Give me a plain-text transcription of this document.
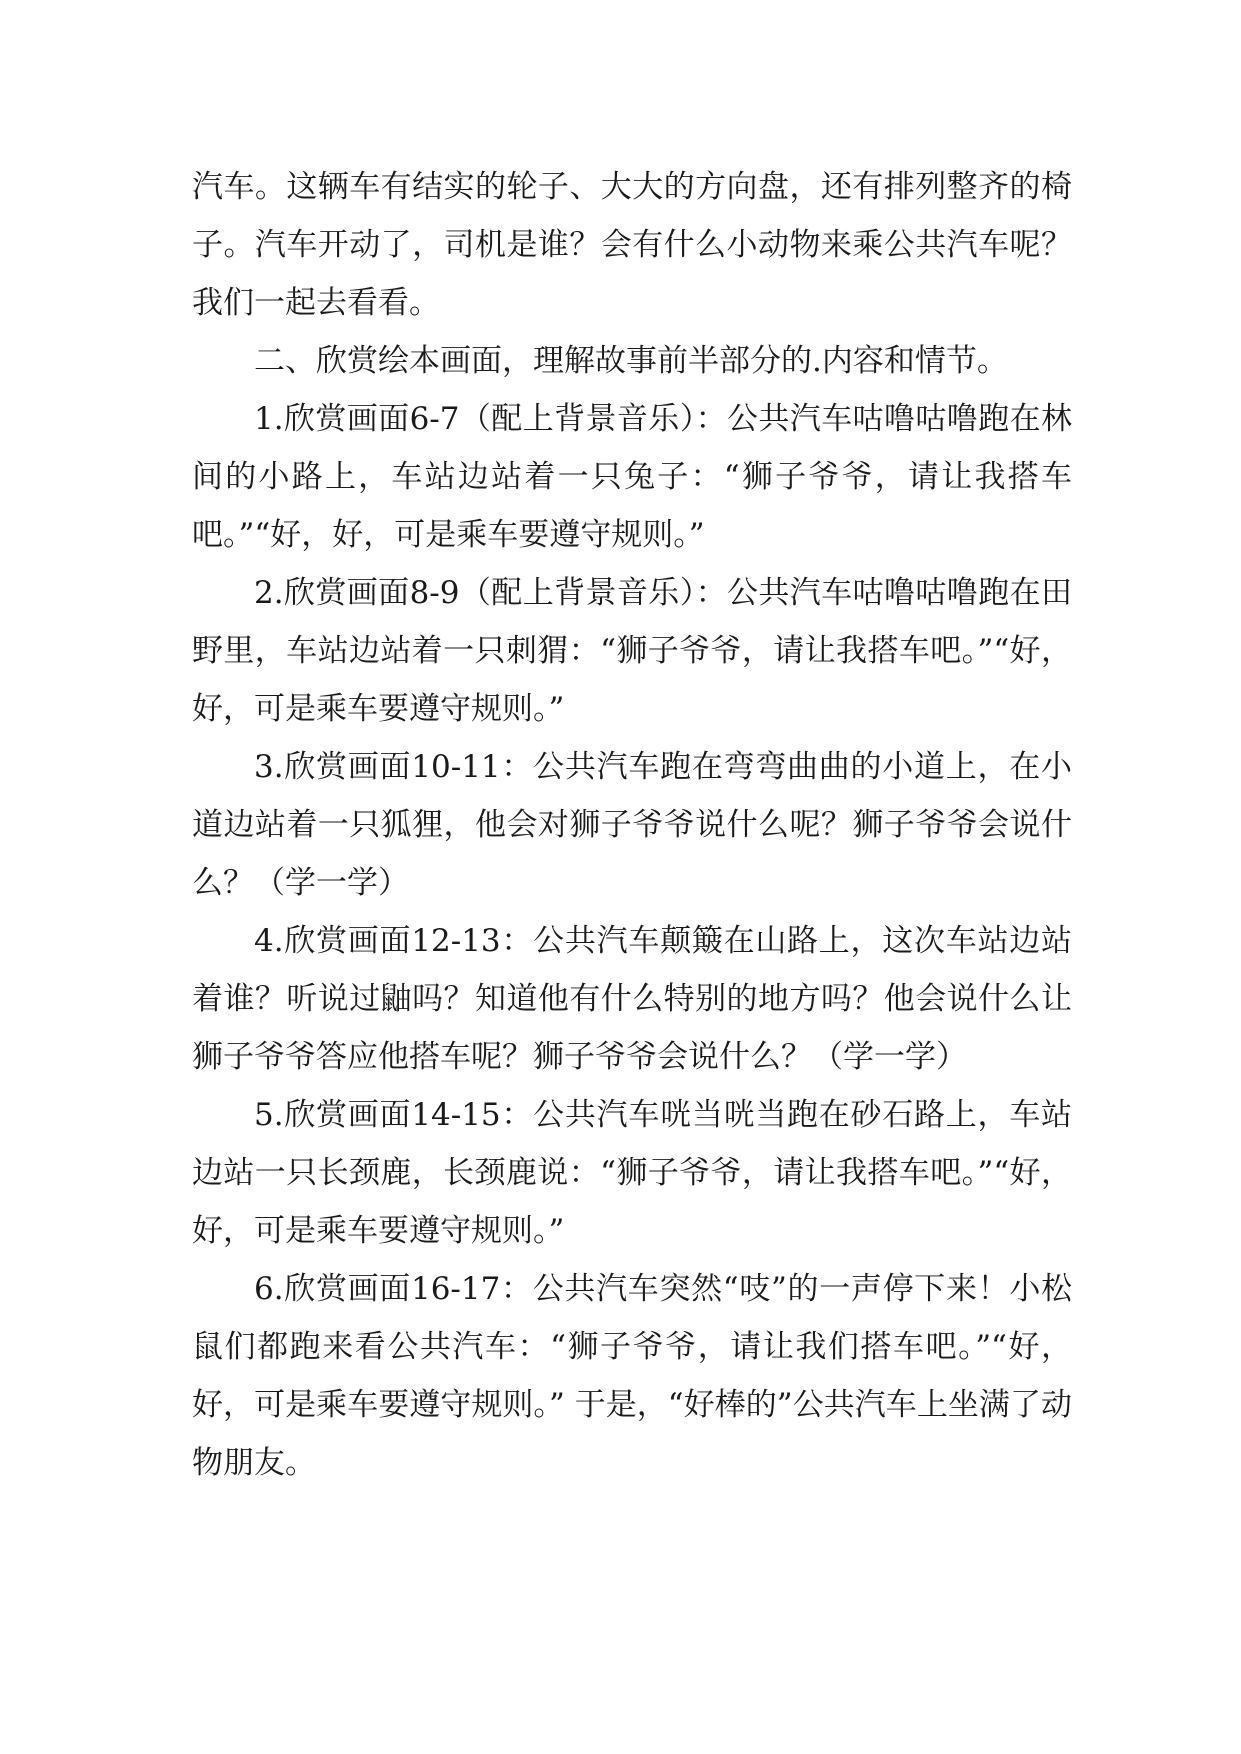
汽车。这辆车有结实的轮子、大大的方向盘，还有排列整齐的椅子。汽车开动了，司机是谁？会有什么小动物来乘公共汽车呢？我们一起去看看。

二、欣赏绘本画面，理解故事前半部分的.内容和情节。

1.欣赏画面6-7（配上背景音乐）：公共汽车咕噜咕噜跑在林间的小路上，车站边站着一只兔子：“狮子爷爷，请让我搭车吧。”“好，好，可是乘车要遵守规则。”

2.欣赏画面8-9（配上背景音乐）：公共汽车咕噜咕噜跑在田野里，车站边站着一只刺猬：“狮子爷爷，请让我搭车吧。”“好，好，可是乘车要遵守规则。”

3.欣赏画面10-11：公共汽车跑在弯弯曲曲的小道上，在小道边站着一只狐狸，他会对狮子爷爷说什么呢？狮子爷爷会说什么？（学一学）

4.欣赏画面12-13：公共汽车颠簸在山路上，这次车站边站着谁？听说过鼬吗？知道他有什么特别的地方吗？他会说什么让狮子爷爷答应他搭车呢？狮子爷爷会说什么？（学一学）

5.欣赏画面14-15：公共汽车咣当咣当跑在砂石路上，车站边站一只长颈鹿，长颈鹿说：“狮子爷爷，请让我搭车吧。”“好，好，可是乘车要遵守规则。”

6.欣赏画面16-17：公共汽车突然“吱”的一声停下来！小松鼠们都跑来看公共汽车：“狮子爷爷，请让我们搭车吧。”“好，好，可是乘车要遵守规则。” 于是，“好棒的”公共汽车上坐满了动物朋友。
